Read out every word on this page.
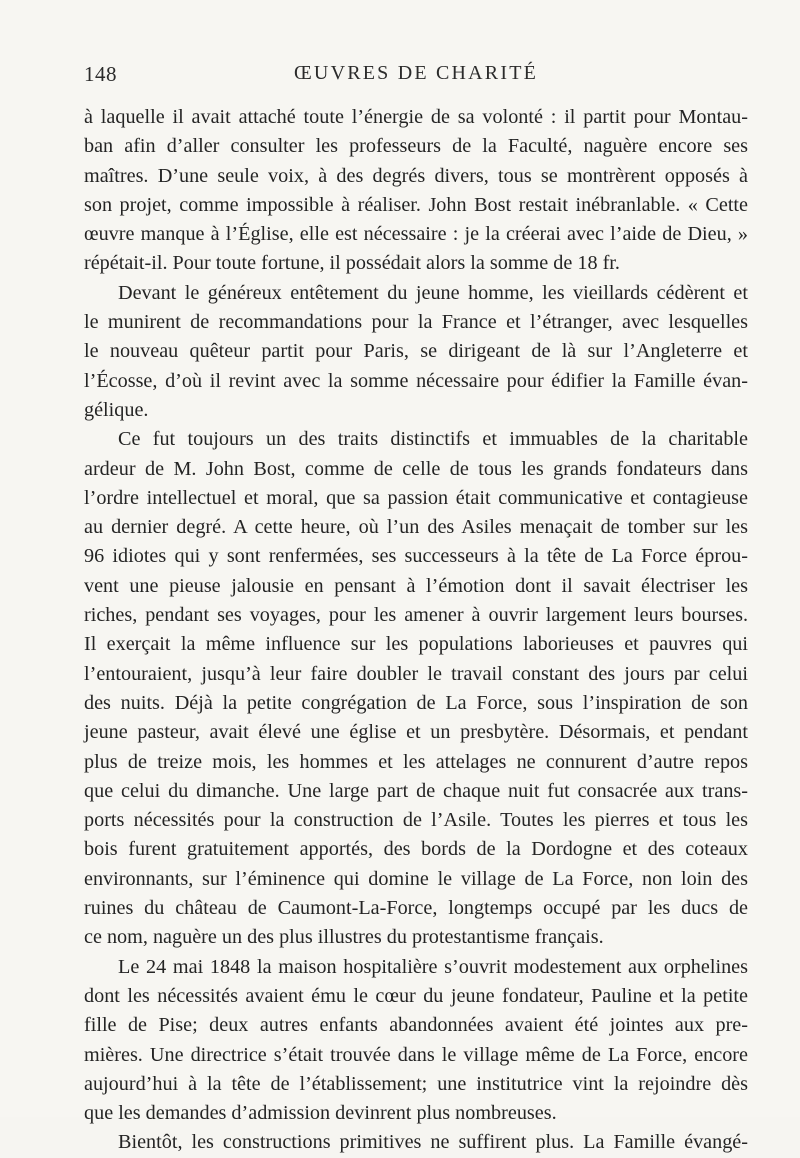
148	ŒUVRES DE CHARITÉ
à laquelle il avait attaché toute l’énergie de sa volonté : il partit pour Montau-
ban afin d’aller consulter les professeurs de la Faculté, naguère encore ses
maîtres. D’une seule voix, à des degrés divers, tous se montrèrent opposés à
son projet, comme impossible à réaliser. John Bost restait inébranlable. « Cette
œuvre manque à l’Église, elle est nécessaire : je la créerai avec l’aide de Dieu, »
répétait-il. Pour toute fortune, il possédait alors la somme de 18 fr.
Devant le généreux entêtement du jeune homme, les vieillards cédèrent et
le munirent de recommandations pour la France et l’étranger, avec lesquelles
le nouveau quêteur partit pour Paris, se dirigeant de là sur l’Angleterre et
l’Écosse, d’où il revint avec la somme nécessaire pour édifier la Famille évan-
gélique.
Ce fut toujours un des traits distinctifs et immuables de la charitable
ardeur de M. John Bost, comme de celle de tous les grands fondateurs dans
l’ordre intellectuel et moral, que sa passion était communicative et contagieuse
au dernier degré. A cette heure, où l’un des Asiles menaçait de tomber sur les
96 idiotes qui y sont renfermées, ses successeurs à la tête de La Force éprou-
vent une pieuse jalousie en pensant à l’émotion dont il savait électriser les
riches, pendant ses voyages, pour les amener à ouvrir largement leurs bourses.
Il exerçait la même influence sur les populations laborieuses et pauvres qui
l’entouraient, jusqu’à leur faire doubler le travail constant des jours par celui
des nuits. Déjà la petite congrégation de La Force, sous l’inspiration de son
jeune pasteur, avait élevé une église et un presbytère. Désormais, et pendant
plus de treize mois, les hommes et les attelages ne connurent d’autre repos
que celui du dimanche. Une large part de chaque nuit fut consacrée aux trans-
ports nécessités pour la construction de l’Asile. Toutes les pierres et tous les
bois furent gratuitement apportés, des bords de la Dordogne et des coteaux
environnants, sur l’éminence qui domine le village de La Force, non loin des
ruines du château de Caumont-La-Force, longtemps occupé par les ducs de
ce nom, naguère un des plus illustres du protestantisme français.
Le 24 mai 1848 la maison hospitalière s’ouvrit modestement aux orphelines
dont les nécessités avaient ému le cœur du jeune fondateur, Pauline et la petite
fille de Pise; deux autres enfants abandonnées avaient été jointes aux pre-
mières. Une directrice s’était trouvée dans le village même de La Force, encore
aujourd’hui à la tête de l’établissement; une institutrice vint la rejoindre dès
que les demandes d’admission devinrent plus nombreuses.
Bientôt, les constructions primitives ne suffirent plus. La Famille évangé-
